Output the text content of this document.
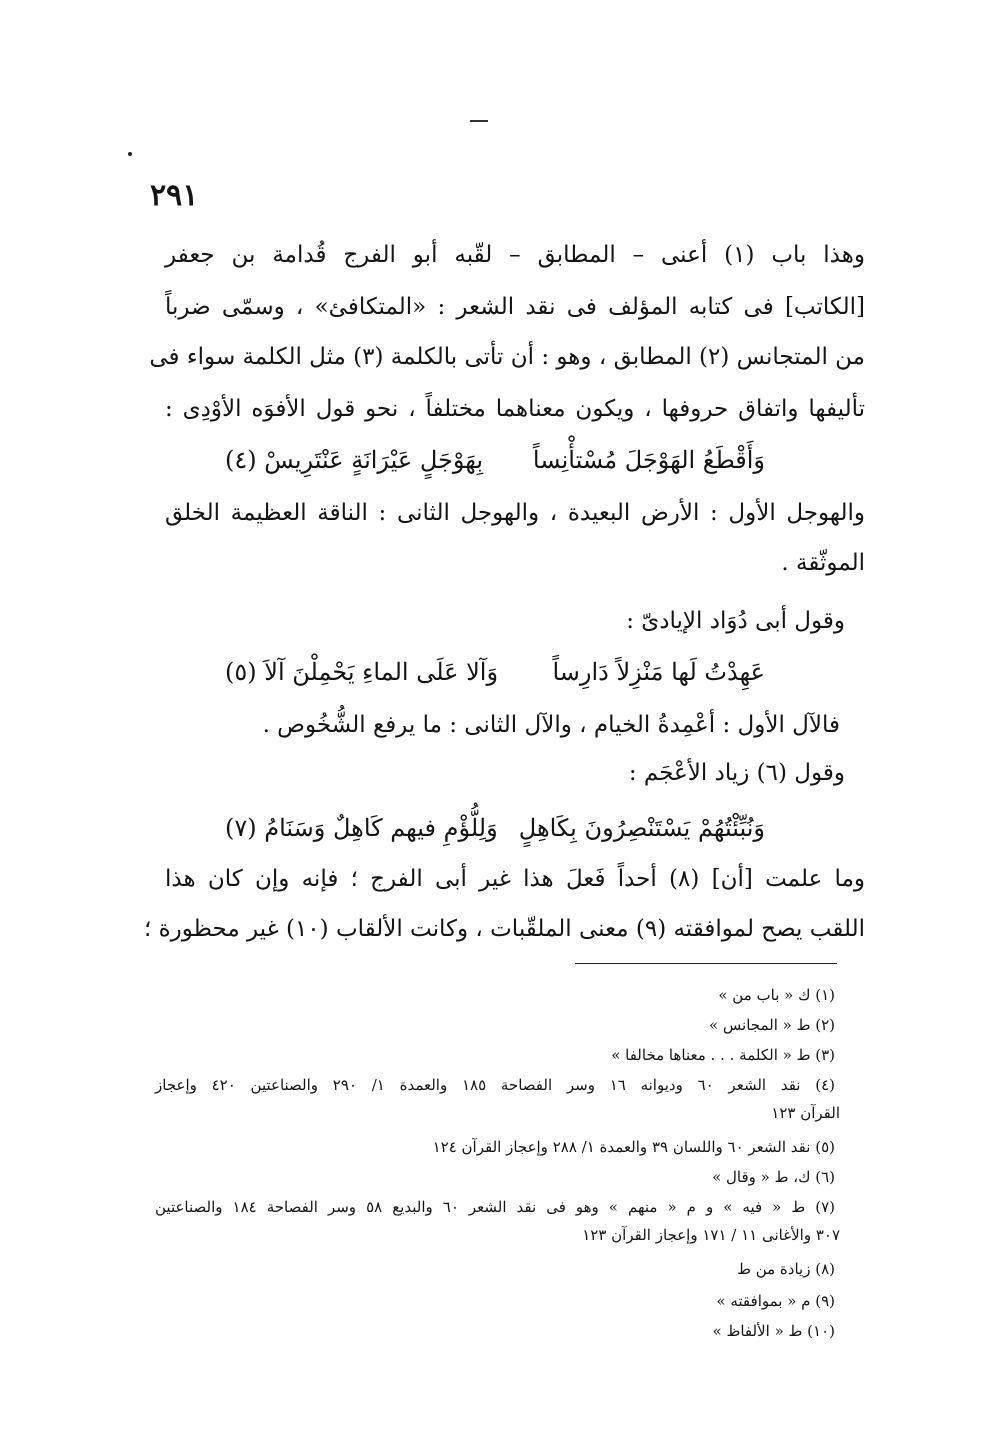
٢٩١
وهذا باب (١) أعنى – المطابق – لقّبه أبو الفرج قُدامة بن جعفر
[الكاتب] فى كتابه المؤلف فى نقد الشعر : «المتكافئ» ، وسمّى ضرباً
من المتجانس (٢) المطابق ، وهو : أن تأتى بالكلمة (٣) مثل الكلمة سواء فى
تأليفها واتفاق حروفها ، ويكون معناهما مختلفاً ، نحو قول الأفوَه الأوْدِى :
وَأَقْطَعُ الهَوْجَلَ مُسْتأْنِساً
بِهَوْجَلٍ عَيْرَانَةٍ عَنْتَرِيسْ (٤)
والهوجل الأول : الأرض البعيدة ، والهوجل الثانى : الناقة العظيمة الخلق
الموثّقة .
وقول أبى دُوَاد الإيادىّ :
عَهِدْتُ لَها مَنْزِلاً دَارِساً
وَآلا عَلَى الماءِ يَحْمِلْنَ آلاَ (٥)
فالآل الأول : أعْمِدةُ الخيام ، والآل الثانى : ما يرفع الشُّخُوص .
وقول (٦) زياد الأعْجَم :
وَنُبِّئْتُهُمْ يَسْتَنْصِرُونَ بِكَاهِلٍ
وَلِلُّؤْمِ فيهم كَاهِلٌ وَسَنَامُ (٧)
وما علمت [أن] (٨) أحداً فَعلَ هذا غير أبى الفرج ؛ فإنه وإن كان هذا
اللقب يصح لموافقته (٩) معنى الملقّبات ، وكانت الألقاب (١٠) غير محظورة ؛
(١) ك « باب من »
(٢) ط « المجانس »
(٣) ط « الكلمة . . . معناها مخالفا »
(٤) نقد الشعر ٦٠ وديوانه ١٦ وسر الفصاحة ١٨٥ والعمدة ١/ ٢٩٠ والصناعتين ٤٢٠ وإعجاز
القرآن ١٢٣
(٥) نقد الشعر ٦٠ واللسان ٣٩ والعمدة ١/ ٢٨٨ وإعجاز القرآن ١٢٤
(٦) ك، ط « وقال »
(٧) ط « فيه » و م « منهم » وهو فى نقد الشعر ٦٠ والبديع ٥٨ وسر الفصاحة ١٨٤ والصناعتين
٣٠٧ والأغانى ١١ / ١٧١ وإعجاز القرآن ١٢٣
(٨) زيادة من ط
(٩) م « بموافقته »
(١٠) ط « الألفاظ »
